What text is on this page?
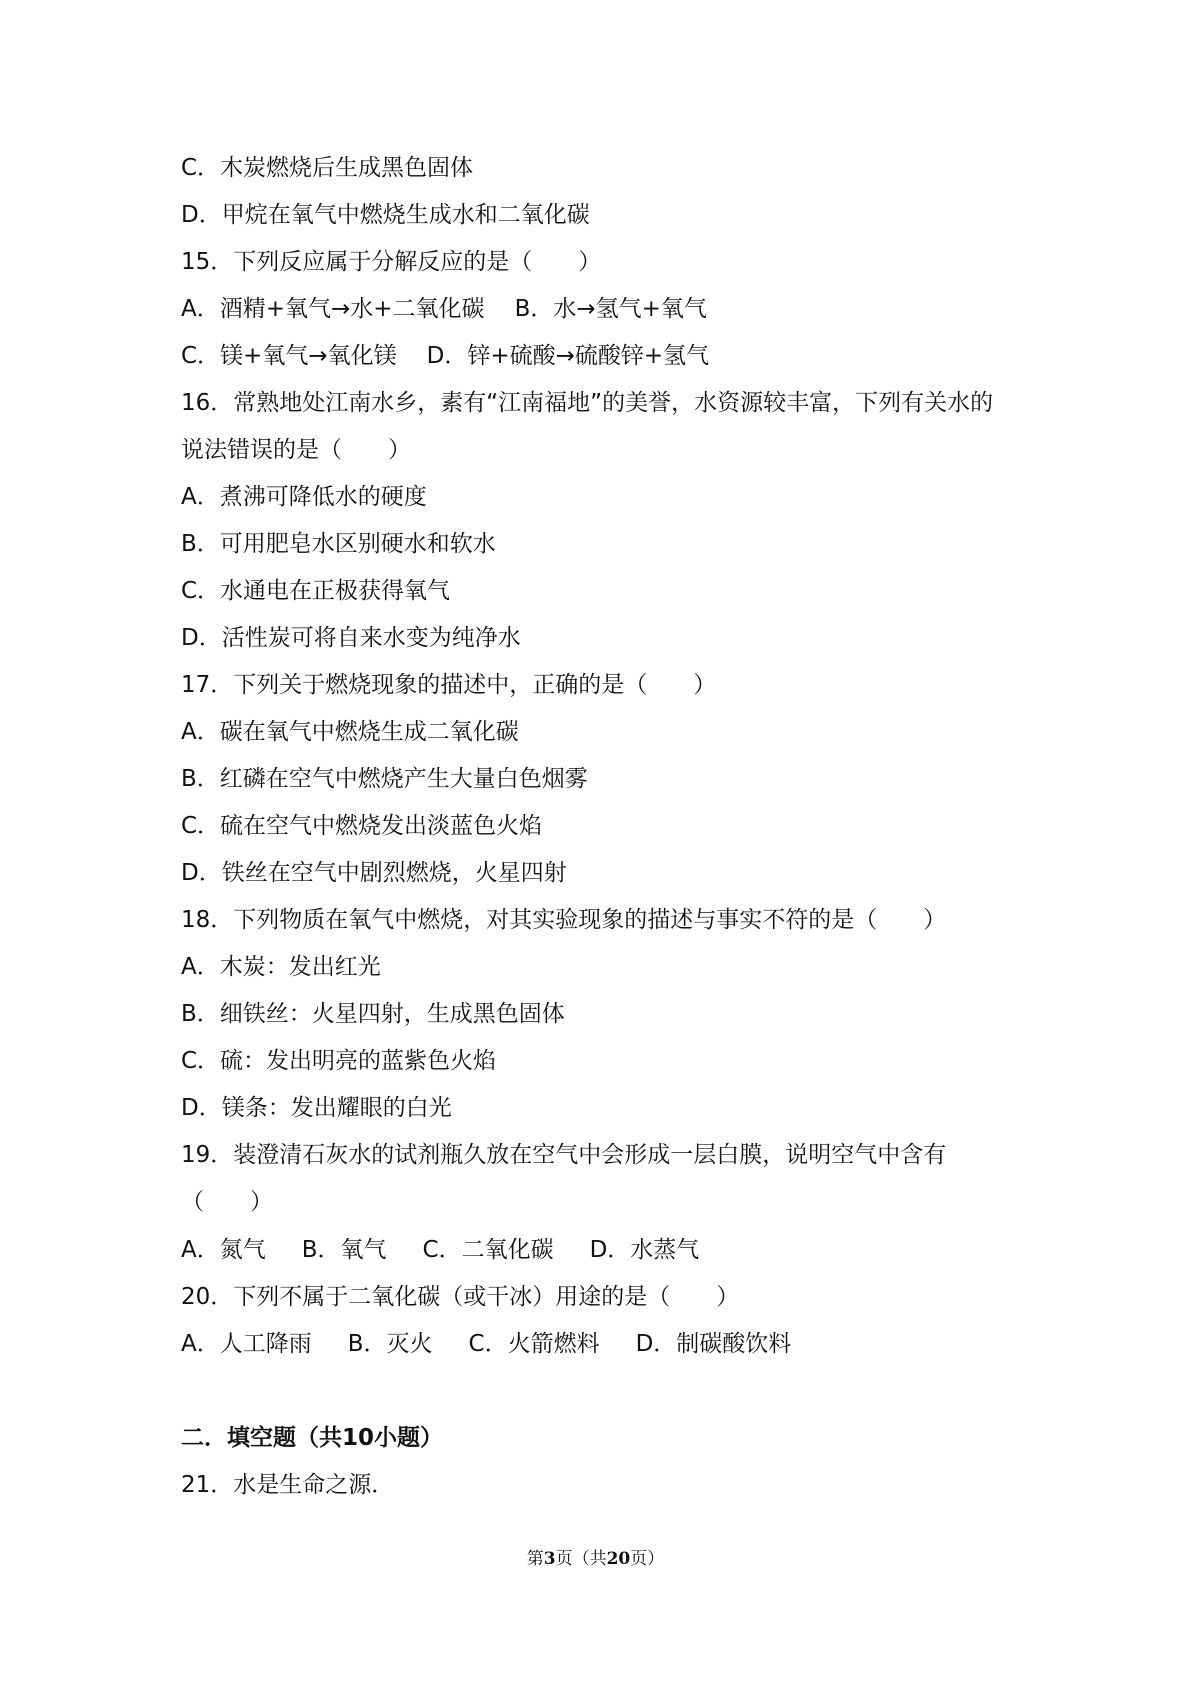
C．木炭燃烧后生成黑色固体
D．甲烷在氧气中燃烧生成水和二氧化碳
15．下列反应属于分解反应的是（　　）
A．酒精+氧气→水+二氧化碳 B．水→氢气+氧气
C．镁+氧气→氧化镁 D．锌+硫酸→硫酸锌+氢气
16．常熟地处江南水乡，素有“江南福地”的美誉，水资源较丰富，下列有关水的
说法错误的是（　　）
A．煮沸可降低水的硬度
B．可用肥皂水区别硬水和软水
C．水通电在正极获得氧气
D．活性炭可将自来水变为纯净水
17．下列关于燃烧现象的描述中，正确的是（　　）
A．碳在氧气中燃烧生成二氧化碳
B．红磷在空气中燃烧产生大量白色烟雾
C．硫在空气中燃烧发出淡蓝色火焰
D．铁丝在空气中剧烈燃烧，火星四射
18．下列物质在氧气中燃烧，对其实验现象的描述与事实不符的是（　　）
A．木炭：发出红光
B．细铁丝：火星四射，生成黑色固体
C．硫：发出明亮的蓝紫色火焰
D．镁条：发出耀眼的白光
19．装澄清石灰水的试剂瓶久放在空气中会形成一层白膜，说明空气中含有
（　　）
A．氮气 B．氧气 C．二氧化碳 D．水蒸气
20．下列不属于二氧化碳（或干冰）用途的是（　　）
A．人工降雨 B．灭火 C．火箭燃料 D．制碳酸饮料
二．填空题（共10小题）
21．水是生命之源．
第3页（共20页）
